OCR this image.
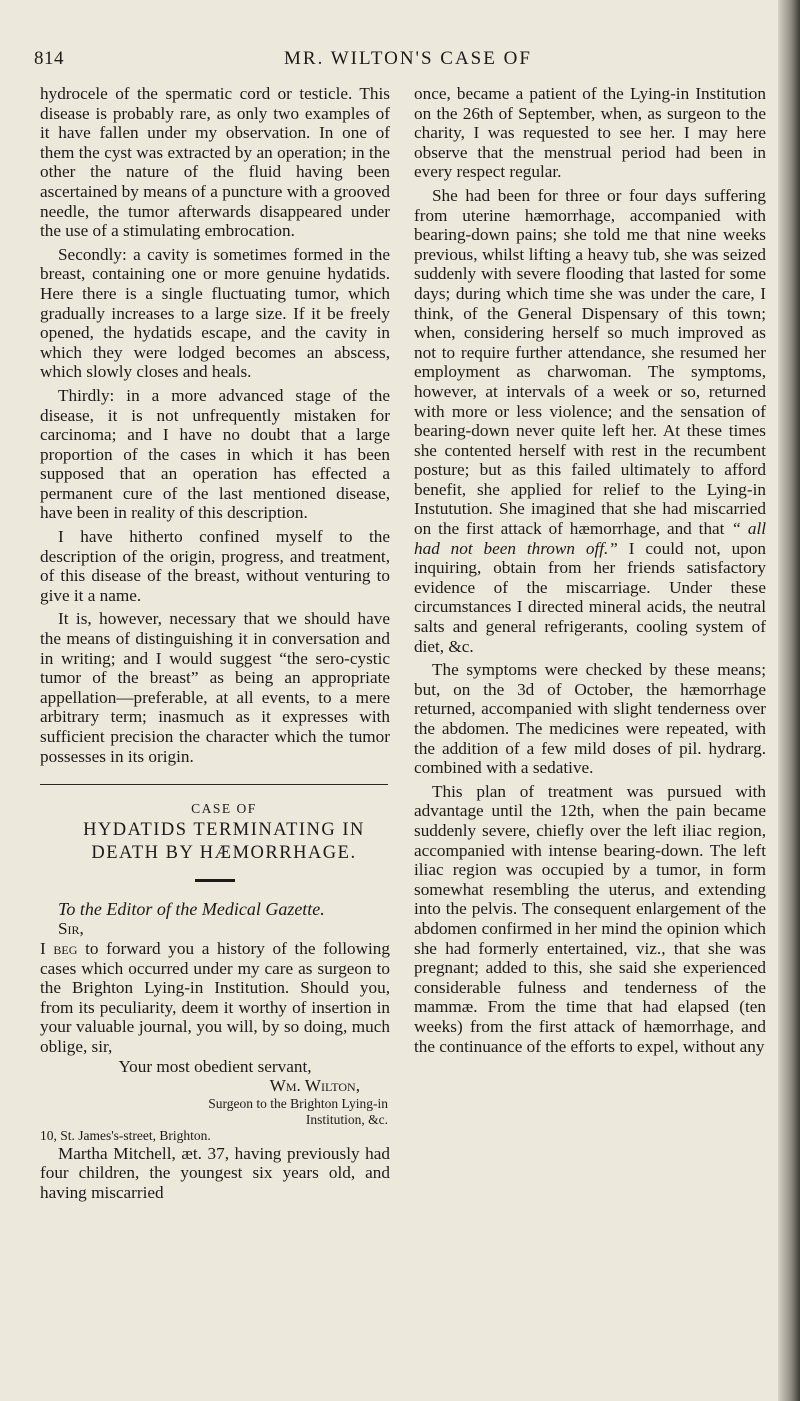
814	MR. WILTON'S CASE OF

hydrocele of the spermatic cord or testicle. This disease is probably rare, as only two examples of it have fallen under my observation. In one of them the cyst was extracted by an operation; in the other the nature of the fluid having been ascertained by means of a puncture with a grooved needle, the tumor afterwards disappeared under the use of a stimulating embrocation.

Secondly: a cavity is sometimes formed in the breast, containing one or more genuine hydatids. Here there is a single fluctuating tumor, which gradually increases to a large size. If it be freely opened, the hydatids escape, and the cavity in which they were lodged becomes an abscess, which slowly closes and heals.

Thirdly: in a more advanced stage of the disease, it is not unfrequently mistaken for carcinoma; and I have no doubt that a large proportion of the cases in which it has been supposed that an operation has effected a permanent cure of the last mentioned disease, have been in reality of this description.

I have hitherto confined myself to the description of the origin, progress, and treatment, of this disease of the breast, without venturing to give it a name.

It is, however, necessary that we should have the means of distinguishing it in conversation and in writing; and I would suggest “the sero-cystic tumor of the breast” as being an appropriate appellation—preferable, at all events, to a mere arbitrary term; inasmuch as it expresses with sufficient precision the character which the tumor possesses in its origin.

CASE OF

HYDATIDS TERMINATING IN

DEATH BY HÆMORRHAGE.

To the Editor of the Medical Gazette.

Sir,

I beg to forward you a history of the following cases which occurred under my care as surgeon to the Brighton Lying-in Institution. Should you, from its peculiarity, deem it worthy of insertion in your valuable journal, you will, by so doing, much oblige, sir,

Your most obedient servant,

Wm. Wilton,

Surgeon to the Brighton Lying-in

Institution, &c.

10, St. James's-street, Brighton.

Martha Mitchell, æt. 37, having previously had four children, the youngest six years old, and having miscarried

once, became a patient of the Lying-in Institution on the 26th of September, when, as surgeon to the charity, I was requested to see her. I may here observe that the menstrual period had been in every respect regular.

She had been for three or four days suffering from uterine hæmorrhage, accompanied with bearing-down pains; she told me that nine weeks previous, whilst lifting a heavy tub, she was seized suddenly with severe flooding that lasted for some days; during which time she was under the care, I think, of the General Dispensary of this town; when, considering herself so much improved as not to require further attendance, she resumed her employment as charwoman. The symptoms, however, at intervals of a week or so, returned with more or less violence; and the sensation of bearing-down never quite left her. At these times she contented herself with rest in the recumbent posture; but as this failed ultimately to afford benefit, she applied for relief to the Lying-in Instutution. She imagined that she had miscarried on the first attack of hæmorrhage, and that “ all had not been thrown off.” I could not, upon inquiring, obtain from her friends satisfactory evidence of the miscarriage. Under these circumstances I directed mineral acids, the neutral salts and general refrigerants, cooling system of diet, &c.

The symptoms were checked by these means; but, on the 3d of October, the hæmorrhage returned, accompanied with slight tenderness over the abdomen. The medicines were repeated, with the addition of a few mild doses of pil. hydrarg. combined with a sedative.

This plan of treatment was pursued with advantage until the 12th, when the pain became suddenly severe, chiefly over the left iliac region, accompanied with intense bearing-down. The left iliac region was occupied by a tumor, in form somewhat resembling the uterus, and extending into the pelvis. The consequent enlargement of the abdomen confirmed in her mind the opinion which she had formerly entertained, viz., that she was pregnant; added to this, she said she experienced considerable fulness and tenderness of the mammæ. From the time that had elapsed (ten weeks) from the first attack of hæmorrhage, and the continuance of the efforts to expel, without any
